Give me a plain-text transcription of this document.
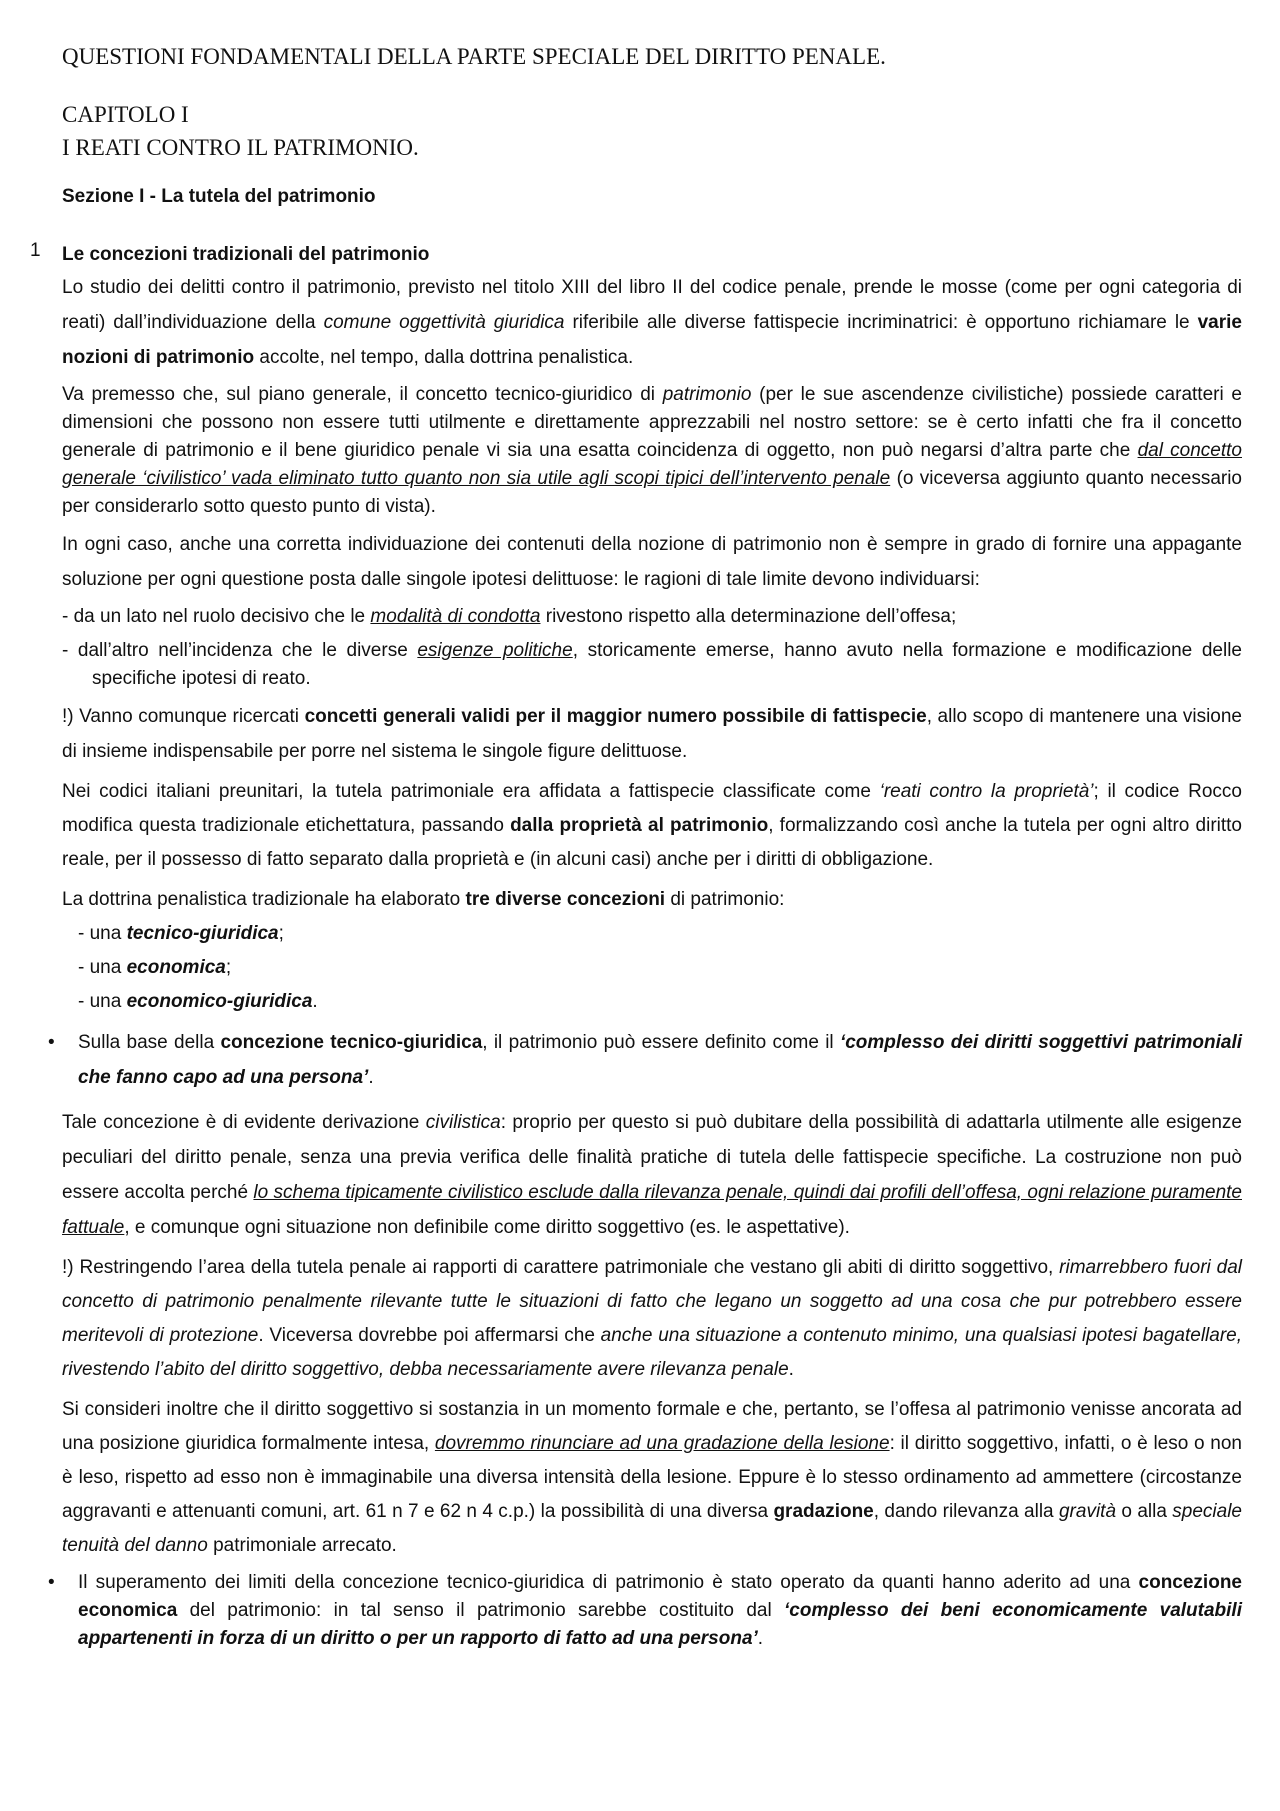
QUESTIONI FONDAMENTALI DELLA PARTE SPECIALE DEL DIRITTO PENALE.
CAPITOLO I
I REATI CONTRO IL PATRIMONIO.
Sezione I - La tutela del patrimonio
1 Le concezioni tradizionali del patrimonio

Lo studio dei delitti contro il patrimonio, previsto nel titolo XIII del libro II del codice penale, prende le mosse (come per ogni categoria di reati) dall’individuazione della comune oggettività giuridica riferibile alle diverse fattispecie incriminatrici: è opportuno richiamare le varie nozioni di patrimonio accolte, nel tempo, dalla dottrina penalistica.

Va premesso che, sul piano generale, il concetto tecnico-giuridico di patrimonio (per le sue ascendenze civilistiche) possiede caratteri e dimensioni che possono non essere tutti utilmente e direttamente apprezzabili nel nostro settore: se è certo infatti che fra il concetto generale di patrimonio e il bene giuridico penale vi sia una esatta coincidenza di oggetto, non può negarsi d’altra parte che dal concetto generale ‘civilistico’ vada eliminato tutto quanto non sia utile agli scopi tipici dell’intervento penale (o viceversa aggiunto quanto necessario per considerarlo sotto questo punto di vista).

In ogni caso, anche una corretta individuazione dei contenuti della nozione di patrimonio non è sempre in grado di fornire una appagante soluzione per ogni questione posta dalle singole ipotesi delittuose: le ragioni di tale limite devono individuarsi:

- da un lato nel ruolo decisivo che le modalità di condotta rivestono rispetto alla determinazione dell’offesa;

- dall’altro nell’incidenza che le diverse esigenze politiche, storicamente emerse, hanno avuto nella formazione e modificazione delle specifiche ipotesi di reato.

!) Vanno comunque ricercati concetti generali validi per il maggior numero possibile di fattispecie, allo scopo di mantenere una visione di insieme indispensabile per porre nel sistema le singole figure delittuose.

Nei codici italiani preunitari, la tutela patrimoniale era affidata a fattispecie classificate come ‘reati contro la proprietà’; il codice Rocco modifica questa tradizionale etichettatura, passando dalla proprietà al patrimonio, formalizzando così anche la tutela per ogni altro diritto reale, per il possesso di fatto separato dalla proprietà e (in alcuni casi) anche per i diritti di obbligazione.

La dottrina penalistica tradizionale ha elaborato tre diverse concezioni di patrimonio:

- una tecnico-giuridica;
- una economica;
- una economico-giuridica.

• Sulla base della concezione tecnico-giuridica, il patrimonio può essere definito come il ‘complesso dei diritti soggettivi patrimoniali che fanno capo ad una persona’.

Tale concezione è di evidente derivazione civilistica: proprio per questo si può dubitare della possibilità di adattarla utilmente alle esigenze peculiari del diritto penale, senza una previa verifica delle finalità pratiche di tutela delle fattispecie specifiche. La costruzione non può essere accolta perché lo schema tipicamente civilistico esclude dalla rilevanza penale, quindi dai profili dell’offesa, ogni relazione puramente fattuale, e comunque ogni situazione non definibile come diritto soggettivo (es. le aspettative).

!) Restringendo l’area della tutela penale ai rapporti di carattere patrimoniale che vestano gli abiti di diritto soggettivo, rimarrebbero fuori dal concetto di patrimonio penalmente rilevante tutte le situazioni di fatto che legano un soggetto ad una cosa che pur potrebbero essere meritevoli di protezione. Viceversa dovrebbe poi affermarsi che anche una situazione a contenuto minimo, una qualsiasi ipotesi bagatellare, rivestendo l’abito del diritto soggettivo, debba necessariamente avere rilevanza penale.

Si consideri inoltre che il diritto soggettivo si sostanzia in un momento formale e che, pertanto, se l’offesa al patrimonio venisse ancorata ad una posizione giuridica formalmente intesa, dovremmo rinunciare ad una gradazione della lesione: il diritto soggettivo, infatti, o è leso o non è leso, rispetto ad esso non è immaginabile una diversa intensità della lesione. Eppure è lo stesso ordinamento ad ammettere (circostanze aggravanti e attenuanti comuni, art. 61 n 7 e 62 n 4 c.p.) la possibilità di una diversa gradazione, dando rilevanza alla gravità o alla speciale tenuità del danno patrimoniale arrecato.

• Il superamento dei limiti della concezione tecnico-giuridica di patrimonio è stato operato da quanti hanno aderito ad una concezione economica del patrimonio: in tal senso il patrimonio sarebbe costituito dal ‘complesso dei beni economicamente valutabili appartenenti in forza di un diritto o per un rapporto di fatto ad una persona’.
